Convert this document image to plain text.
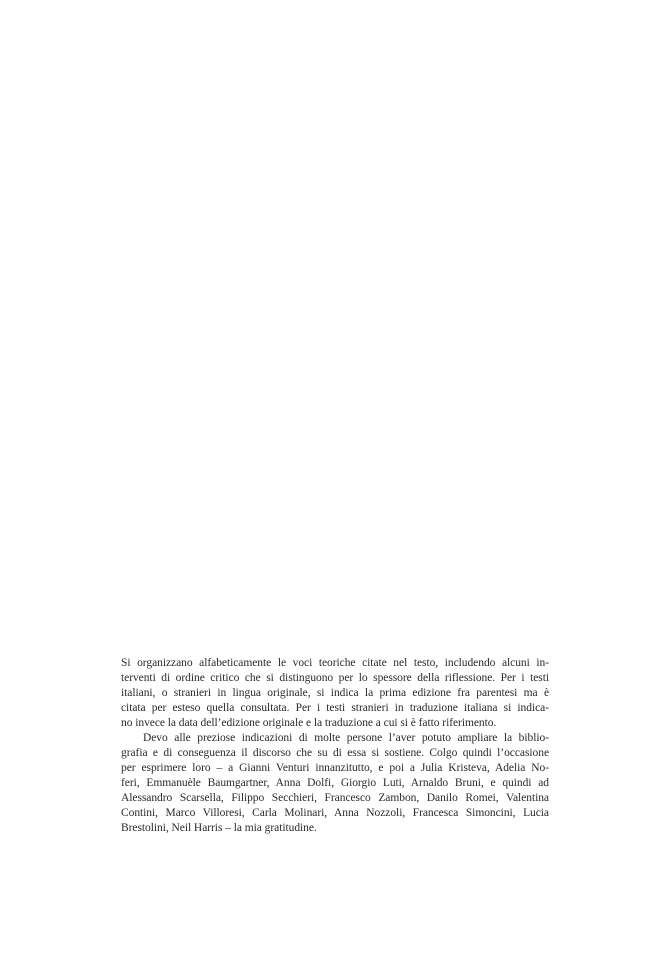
Si organizzano alfabeticamente le voci teoriche citate nel testo, includendo alcuni in-
terventi di ordine critico che si distinguono per lo spessore della riflessione. Per i testi
italiani, o stranieri in lingua originale, si indica la prima edizione fra parentesi ma è
citata per esteso quella consultata. Per i testi stranieri in traduzione italiana si indica-
no invece la data dell’edizione originale e la traduzione a cui si è fatto riferimento.
Devo alle preziose indicazioni di molte persone l’aver potuto ampliare la biblio-
grafia e di conseguenza il discorso che su di essa si sostiene. Colgo quindi l’occasione
per esprimere loro – a Gianni Venturi innanzitutto, e poi a Julia Kristeva, Adelia No-
feri, Emmanuèle Baumgartner, Anna Dolfi, Giorgio Luti, Arnaldo Bruni, e quindi ad
Alessandro Scarsella, Filippo Secchieri, Francesco Zambon, Danilo Romei, Valentina
Contini, Marco Villoresi, Carla Molinari, Anna Nozzoli, Francesca Simoncini, Lucia
Brestolini, Neil Harris – la mia gratitudine.
